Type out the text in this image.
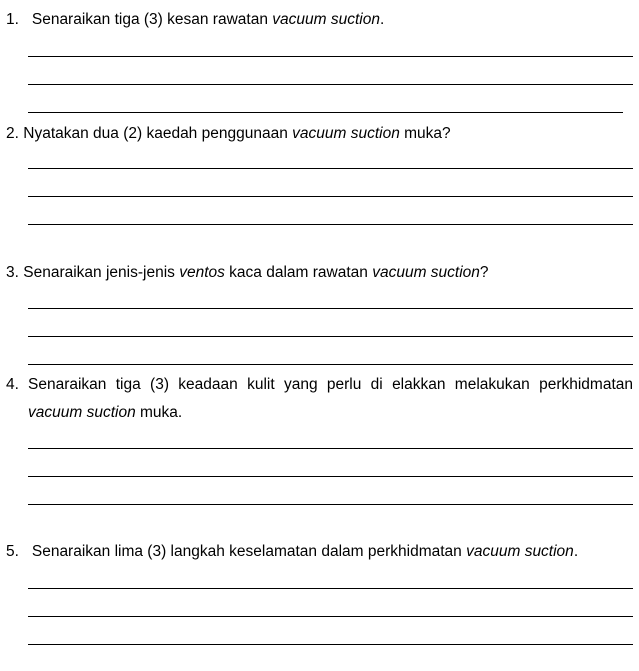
1. Senaraikan tiga (3) kesan rawatan vacuum suction.
2. Nyatakan dua (2) kaedah penggunaan vacuum suction muka?
3. Senaraikan jenis-jenis ventos kaca dalam rawatan vacuum suction?
4. Senaraikan tiga (3) keadaan kulit yang perlu di elakkan melakukan perkhidmatan vacuum suction muka.
5. Senaraikan lima (3) langkah keselamatan dalam perkhidmatan vacuum suction.
